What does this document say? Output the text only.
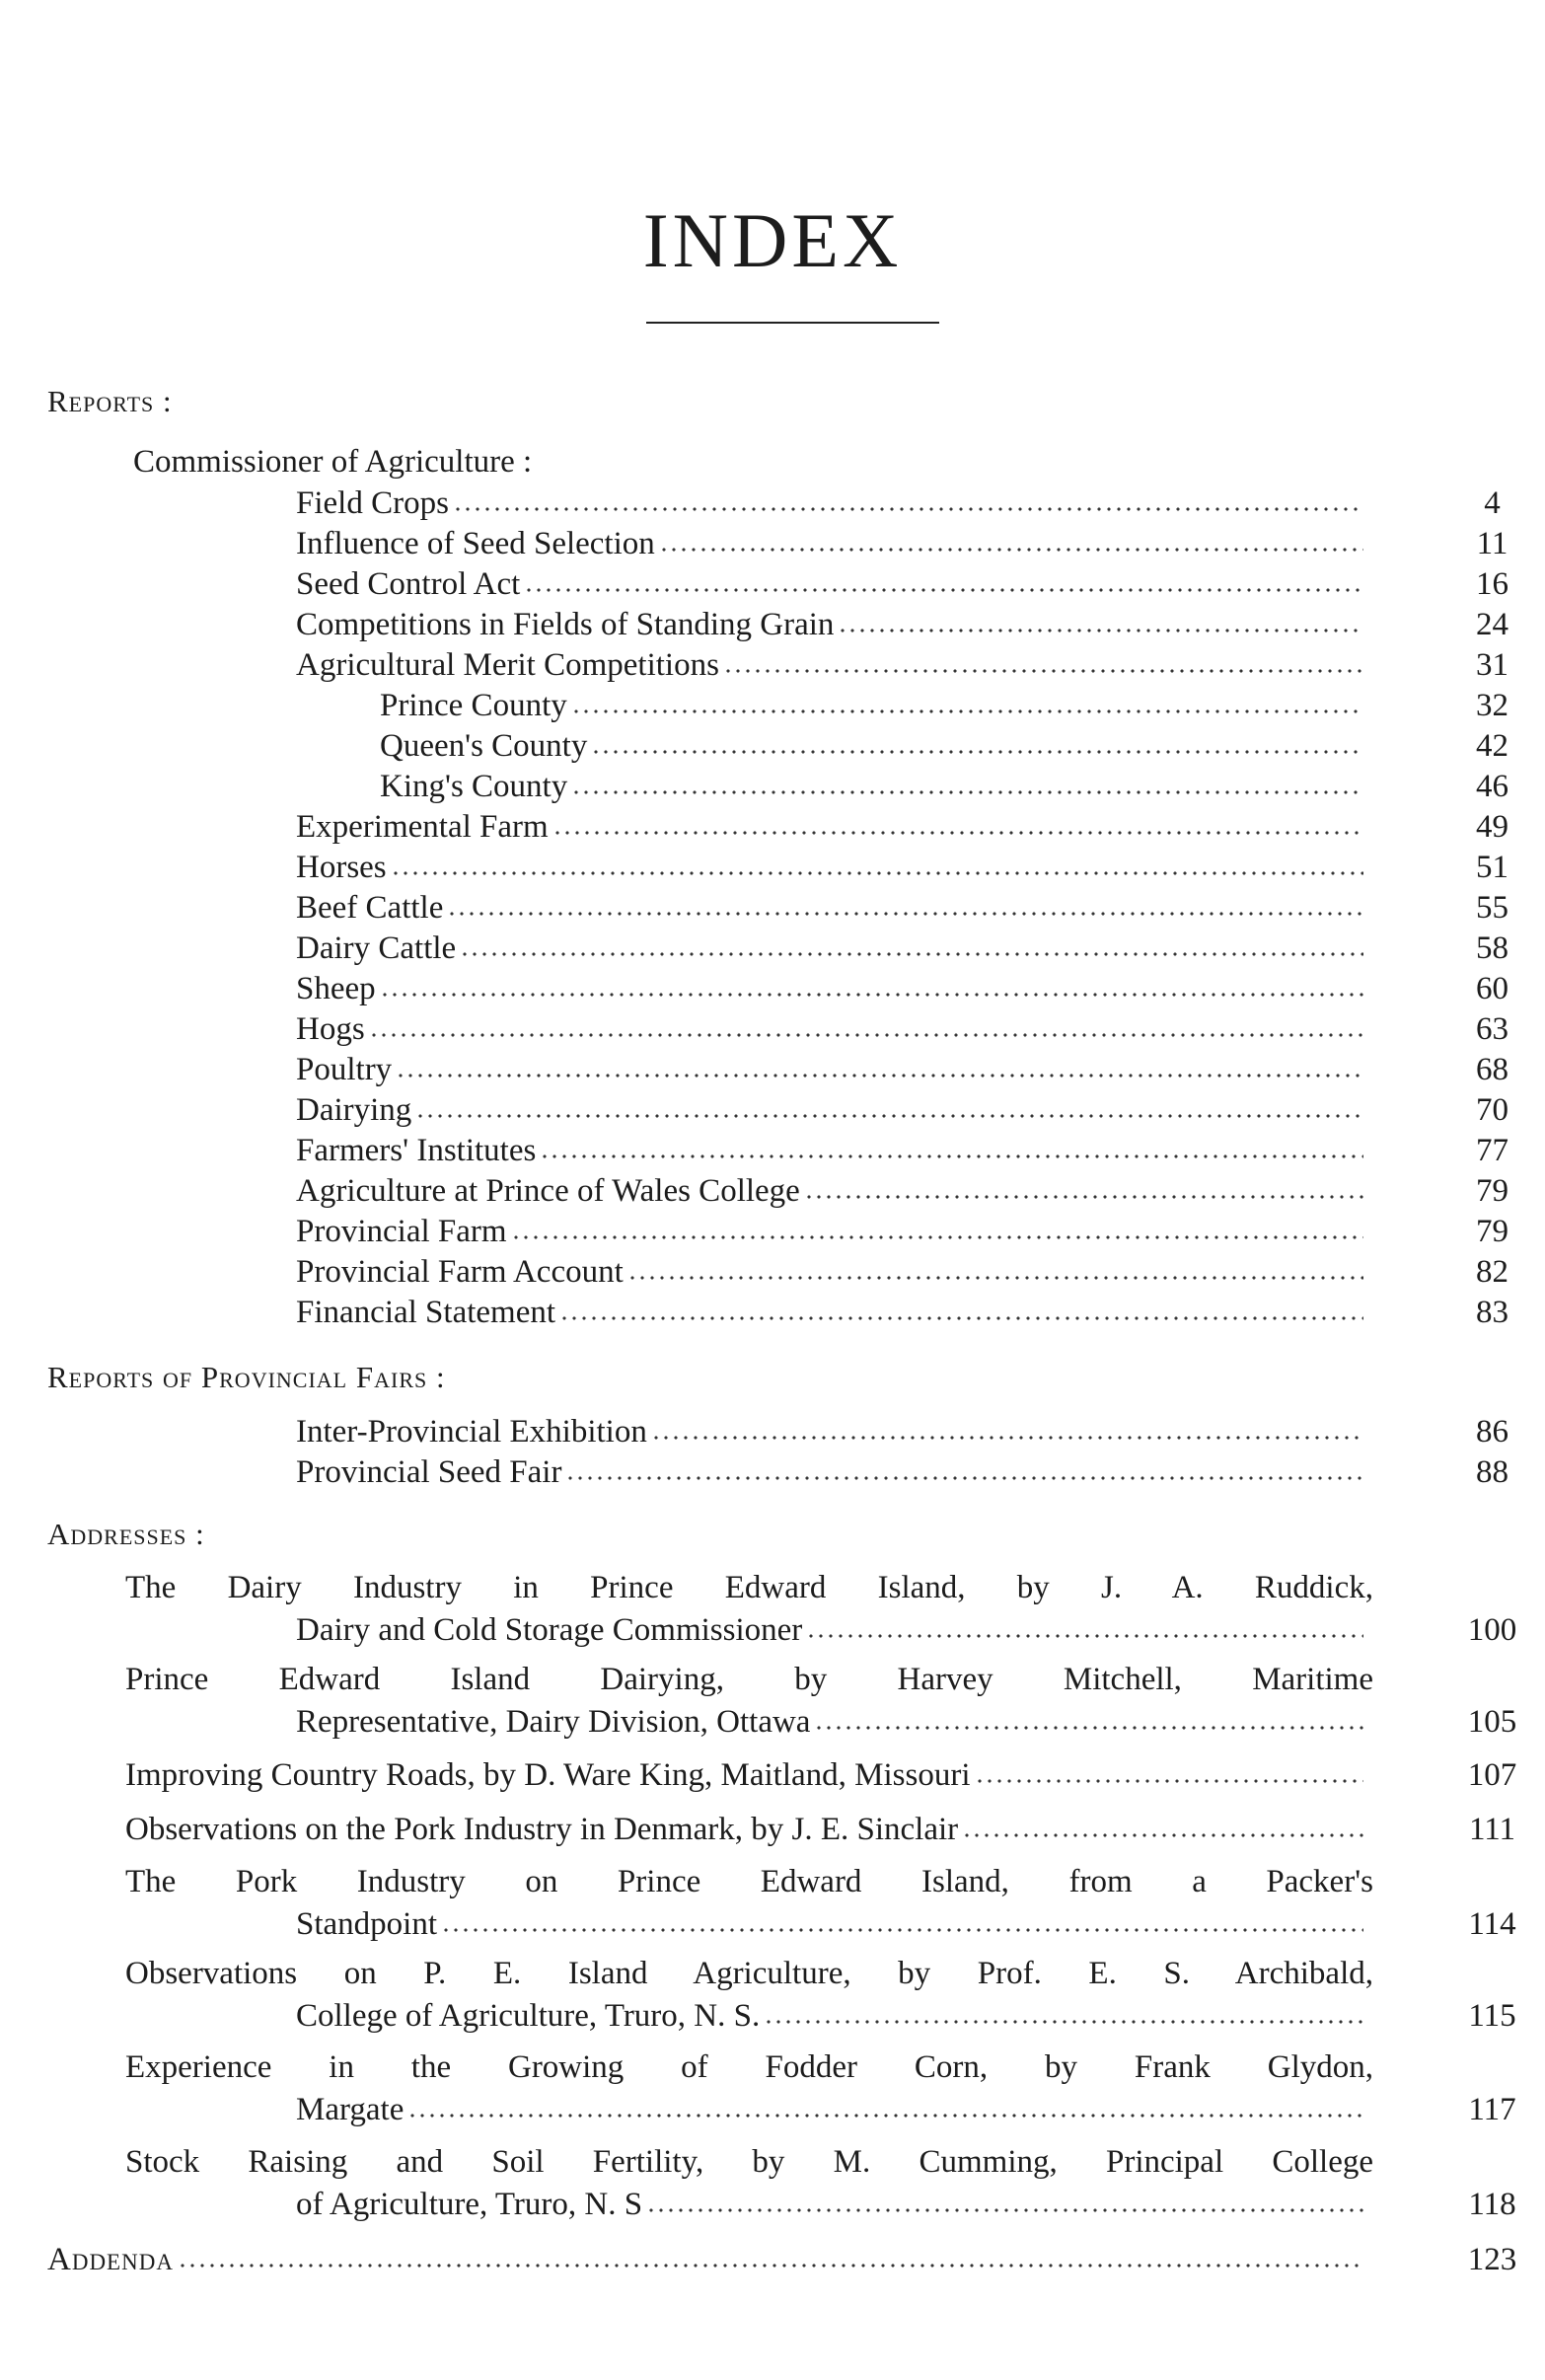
INDEX
Reports :
Commissioner of Agriculture :
Field Crops	4
Influence of Seed Selection	11
Seed Control Act	16
Competitions in Fields of Standing Grain	24
Agricultural Merit Competitions	31
Prince County	32
Queen's County	42
King's County	46
Experimental Farm	49
Horses	51
Beef Cattle	55
Dairy Cattle	58
Sheep	60
Hogs	63
Poultry	68
Dairying	70
Farmers' Institutes	77
Agriculture at Prince of Wales College	79
Provincial Farm	79
Provincial Farm Account	82
Financial Statement	83
Reports of Provincial Fairs :
Inter-Provincial Exhibition	86
Provincial Seed Fair	88
Addresses :
The Dairy Industry in Prince Edward Island, by J. A. Ruddick,
Dairy and Cold Storage Commissioner	100
Prince Edward Island Dairying, by Harvey Mitchell, Maritime
Representative, Dairy Division, Ottawa	105
Improving Country Roads, by D. Ware King, Maitland, Missouri	107
Observations on the Pork Industry in Denmark, by J. E. Sinclair	111
The Pork Industry on Prince Edward Island, from a Packer's
Standpoint	114
Observations on P. E. Island Agriculture, by Prof. E. S. Archibald,
College of Agriculture, Truro, N. S.	115
Experience in the Growing of Fodder Corn, by Frank Glydon,
Margate	117
Stock Raising and Soil Fertility, by M. Cumming, Principal College
of Agriculture, Truro, N. S	118
Addenda	123
